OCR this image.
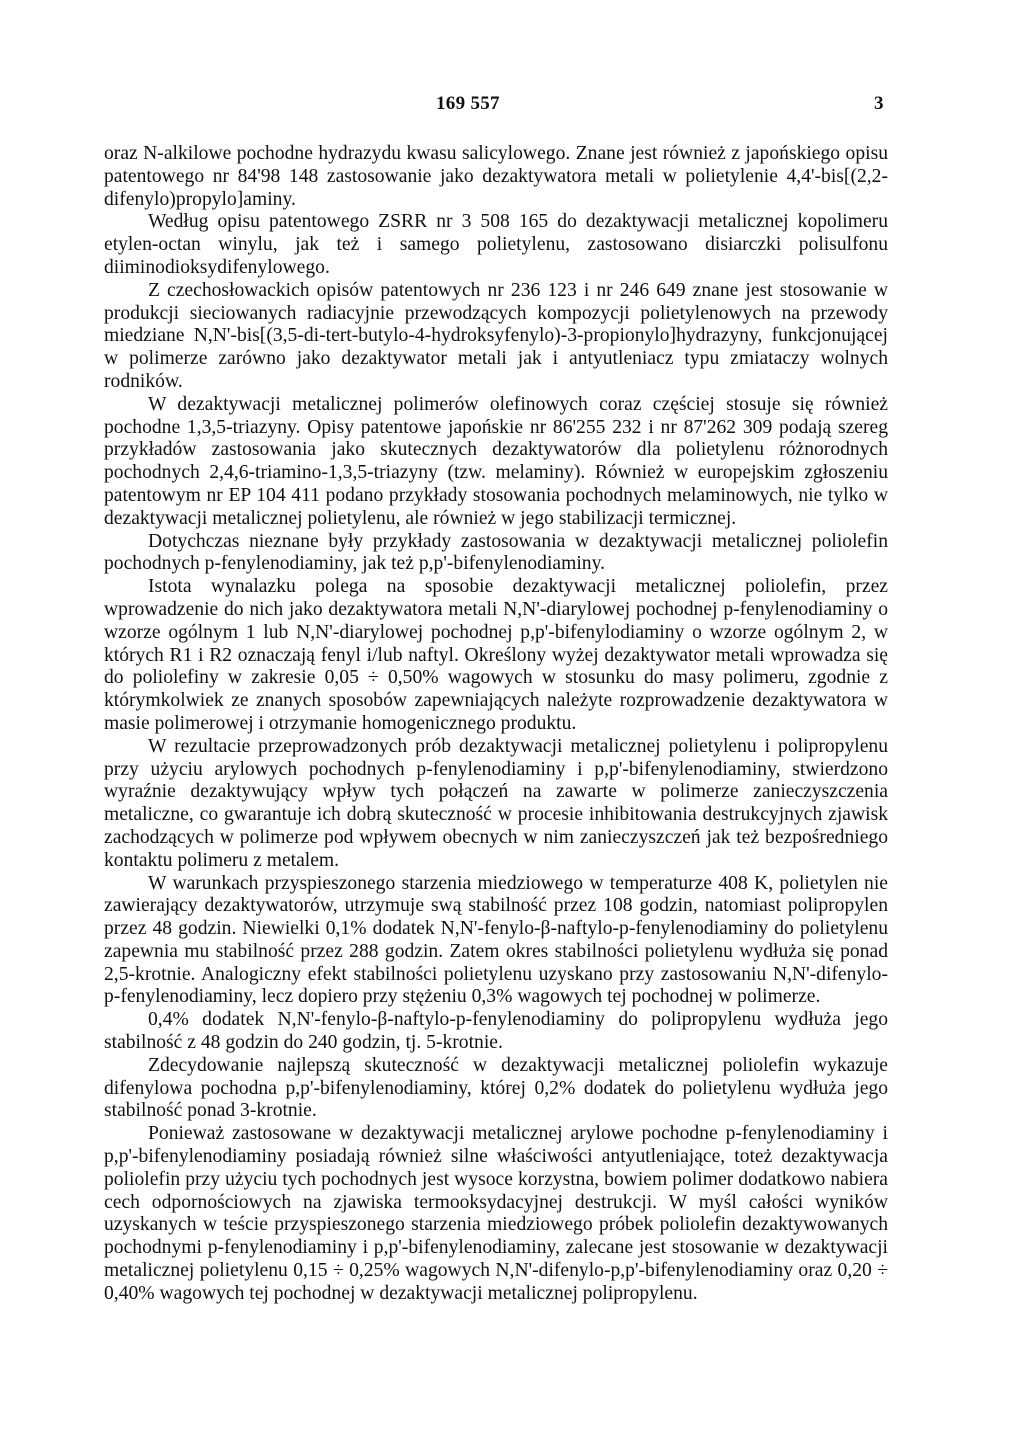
169 557	3

oraz N-alkilowe pochodne hydrazydu kwasu salicylowego. Znane jest również z japońskiego opisu patentowego nr 84'98 148 zastosowanie jako dezaktywatora metali w polietylenie 4,4'-bis[(2,2-difenylo)propylo]aminy.

Według opisu patentowego ZSRR nr 3 508 165 do dezaktywacji metalicznej kopolimeru etylen-octan winylu, jak też i samego polietylenu, zastosowano disiarczki polisulfonu diiminodioksydifenylowego.

Z czechosłowackich opisów patentowych nr 236 123 i nr 246 649 znane jest stosowanie w produkcji sieciowanych radiacyjnie przewodzących kompozycji polietylenowych na przewody miedziane N,N'-bis[(3,5-di-tert-butylo-4-hydroksyfenylo)-3-propionylo]hydrazyny, funkcjonującej w polimerze zarówno jako dezaktywator metali jak i antyutleniacz typu zmiataczy wolnych rodników.

W dezaktywacji metalicznej polimerów olefinowych coraz częściej stosuje się również pochodne 1,3,5-triazyny. Opisy patentowe japońskie nr 86'255 232 i nr 87'262 309 podają szereg przykładów zastosowania jako skutecznych dezaktywatorów dla polietylenu różnorodnych pochodnych 2,4,6-triamino-1,3,5-triazyny (tzw. melaminy). Również w europejskim zgłoszeniu patentowym nr EP 104 411 podano przykłady stosowania pochodnych melaminowych, nie tylko w dezaktywacji metalicznej polietylenu, ale również w jego stabilizacji termicznej.

Dotychczas nieznane były przykłady zastosowania w dezaktywacji metalicznej poliolefin pochodnych p-fenylenodiaminy, jak też p,p'-bifenylenodiaminy.

Istota wynalazku polega na sposobie dezaktywacji metalicznej poliolefin, przez wprowadzenie do nich jako dezaktywatora metali N,N'-diarylowej pochodnej p-fenylenodiaminy o wzorze ogólnym 1 lub N,N'-diarylowej pochodnej p,p'-bifenylodiaminy o wzorze ogólnym 2, w których R1 i R2 oznaczają fenyl i/lub naftyl. Określony wyżej dezaktywator metali wprowadza się do poliolefiny w zakresie 0,05 ÷ 0,50% wagowych w stosunku do masy polimeru, zgodnie z którymkolwiek ze znanych sposobów zapewniających należyte rozprowadzenie dezaktywatora w masie polimerowej i otrzymanie homogenicznego produktu.

W rezultacie przeprowadzonych prób dezaktywacji metalicznej polietylenu i polipropylenu przy użyciu arylowych pochodnych p-fenylenodiaminy i p,p'-bifenylenodiaminy, stwierdzono wyraźnie dezaktywujący wpływ tych połączeń na zawarte w polimerze zanieczyszczenia metaliczne, co gwarantuje ich dobrą skuteczność w procesie inhibitowania destrukcyjnych zjawisk zachodzących w polimerze pod wpływem obecnych w nim zanieczyszczeń jak też bezpośredniego kontaktu polimeru z metalem.

W warunkach przyspieszonego starzenia miedziowego w temperaturze 408 K, polietylen nie zawierający dezaktywatorów, utrzymuje swą stabilność przez 108 godzin, natomiast polipropylen przez 48 godzin. Niewielki 0,1% dodatek N,N'-fenylo-β-naftylo-p-fenylenodiaminy do polietylenu zapewnia mu stabilność przez 288 godzin. Zatem okres stabilności polietylenu wydłuża się ponad 2,5-krotnie. Analogiczny efekt stabilności polietylenu uzyskano przy zastosowaniu N,N'-difenylo-p-fenylenodiaminy, lecz dopiero przy stężeniu 0,3% wagowych tej pochodnej w polimerze.

0,4% dodatek N,N'-fenylo-β-naftylo-p-fenylenodiaminy do polipropylenu wydłuża jego stabilność z 48 godzin do 240 godzin, tj. 5-krotnie.

Zdecydowanie najlepszą skuteczność w dezaktywacji metalicznej poliolefin wykazuje difenylowa pochodna p,p'-bifenylenodiaminy, której 0,2% dodatek do polietylenu wydłuża jego stabilność ponad 3-krotnie.

Ponieważ zastosowane w dezaktywacji metalicznej arylowe pochodne p-fenylenodiaminy i p,p'-bifenylenodiaminy posiadają również silne właściwości antyutleniające, toteż dezaktywacja poliolefin przy użyciu tych pochodnych jest wysoce korzystna, bowiem polimer dodatkowo nabiera cech odpornościowych na zjawiska termooksydacyjnej destrukcji. W myśl całości wyników uzyskanych w teście przyspieszonego starzenia miedziowego próbek poliolefin dezaktywowanych pochodnymi p-fenylenodiaminy i p,p'-bifenylenodiaminy, zalecane jest stosowanie w dezaktywacji metalicznej polietylenu 0,15 ÷ 0,25% wagowych N,N'-difenylo-p,p'-bifenylenodiaminy oraz 0,20 ÷ 0,40% wagowych tej pochodnej w dezaktywacji metalicznej polipropylenu.
